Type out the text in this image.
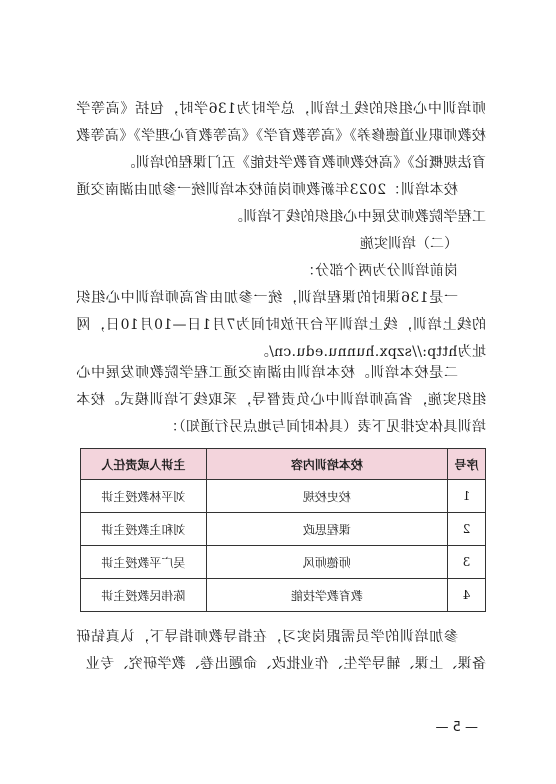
师培训中心组织的线上培训，总学时为136学时，包括《高等学校教师职业道德修养》《高等教育学》《高等教育心理学》《高等教育法规概论》《高校教师教育教学技能》五门课程的培训。
校本培训：2023年新教师岗前校本培训统一参加由湖南交通工程学院教师发展中心组织的线下培训。
（二）培训实施
岗前培训分为两个部分：
一是136课时的课程培训，统一参加由省高师培训中心组织的线上培训，线上培训平台开放时间为7月1日—10月10日，网址为http://szpx.hunnu.edu.cn/。
二是校本培训。校本培训由湖南交通工程学院教师发展中心组织实施，省高师培训中心负责督导，采取线下培训模式。校本培训具体安排见下表（具体时间与地点另行通知）：
序号	校本培训内容	主讲人或责任人
1	校史校规	刘平林教授主讲
2	课程思政	刘和主教授主讲
3	师德师风	吴广平教授主讲
4	教育教学技能	陈伟民教授主讲
参加培训的学员需跟岗实习，在指导教师指导下，认真钻研备课、上课、辅导学生、作业批改、命题出卷、教学研究、专业
— 5 —
